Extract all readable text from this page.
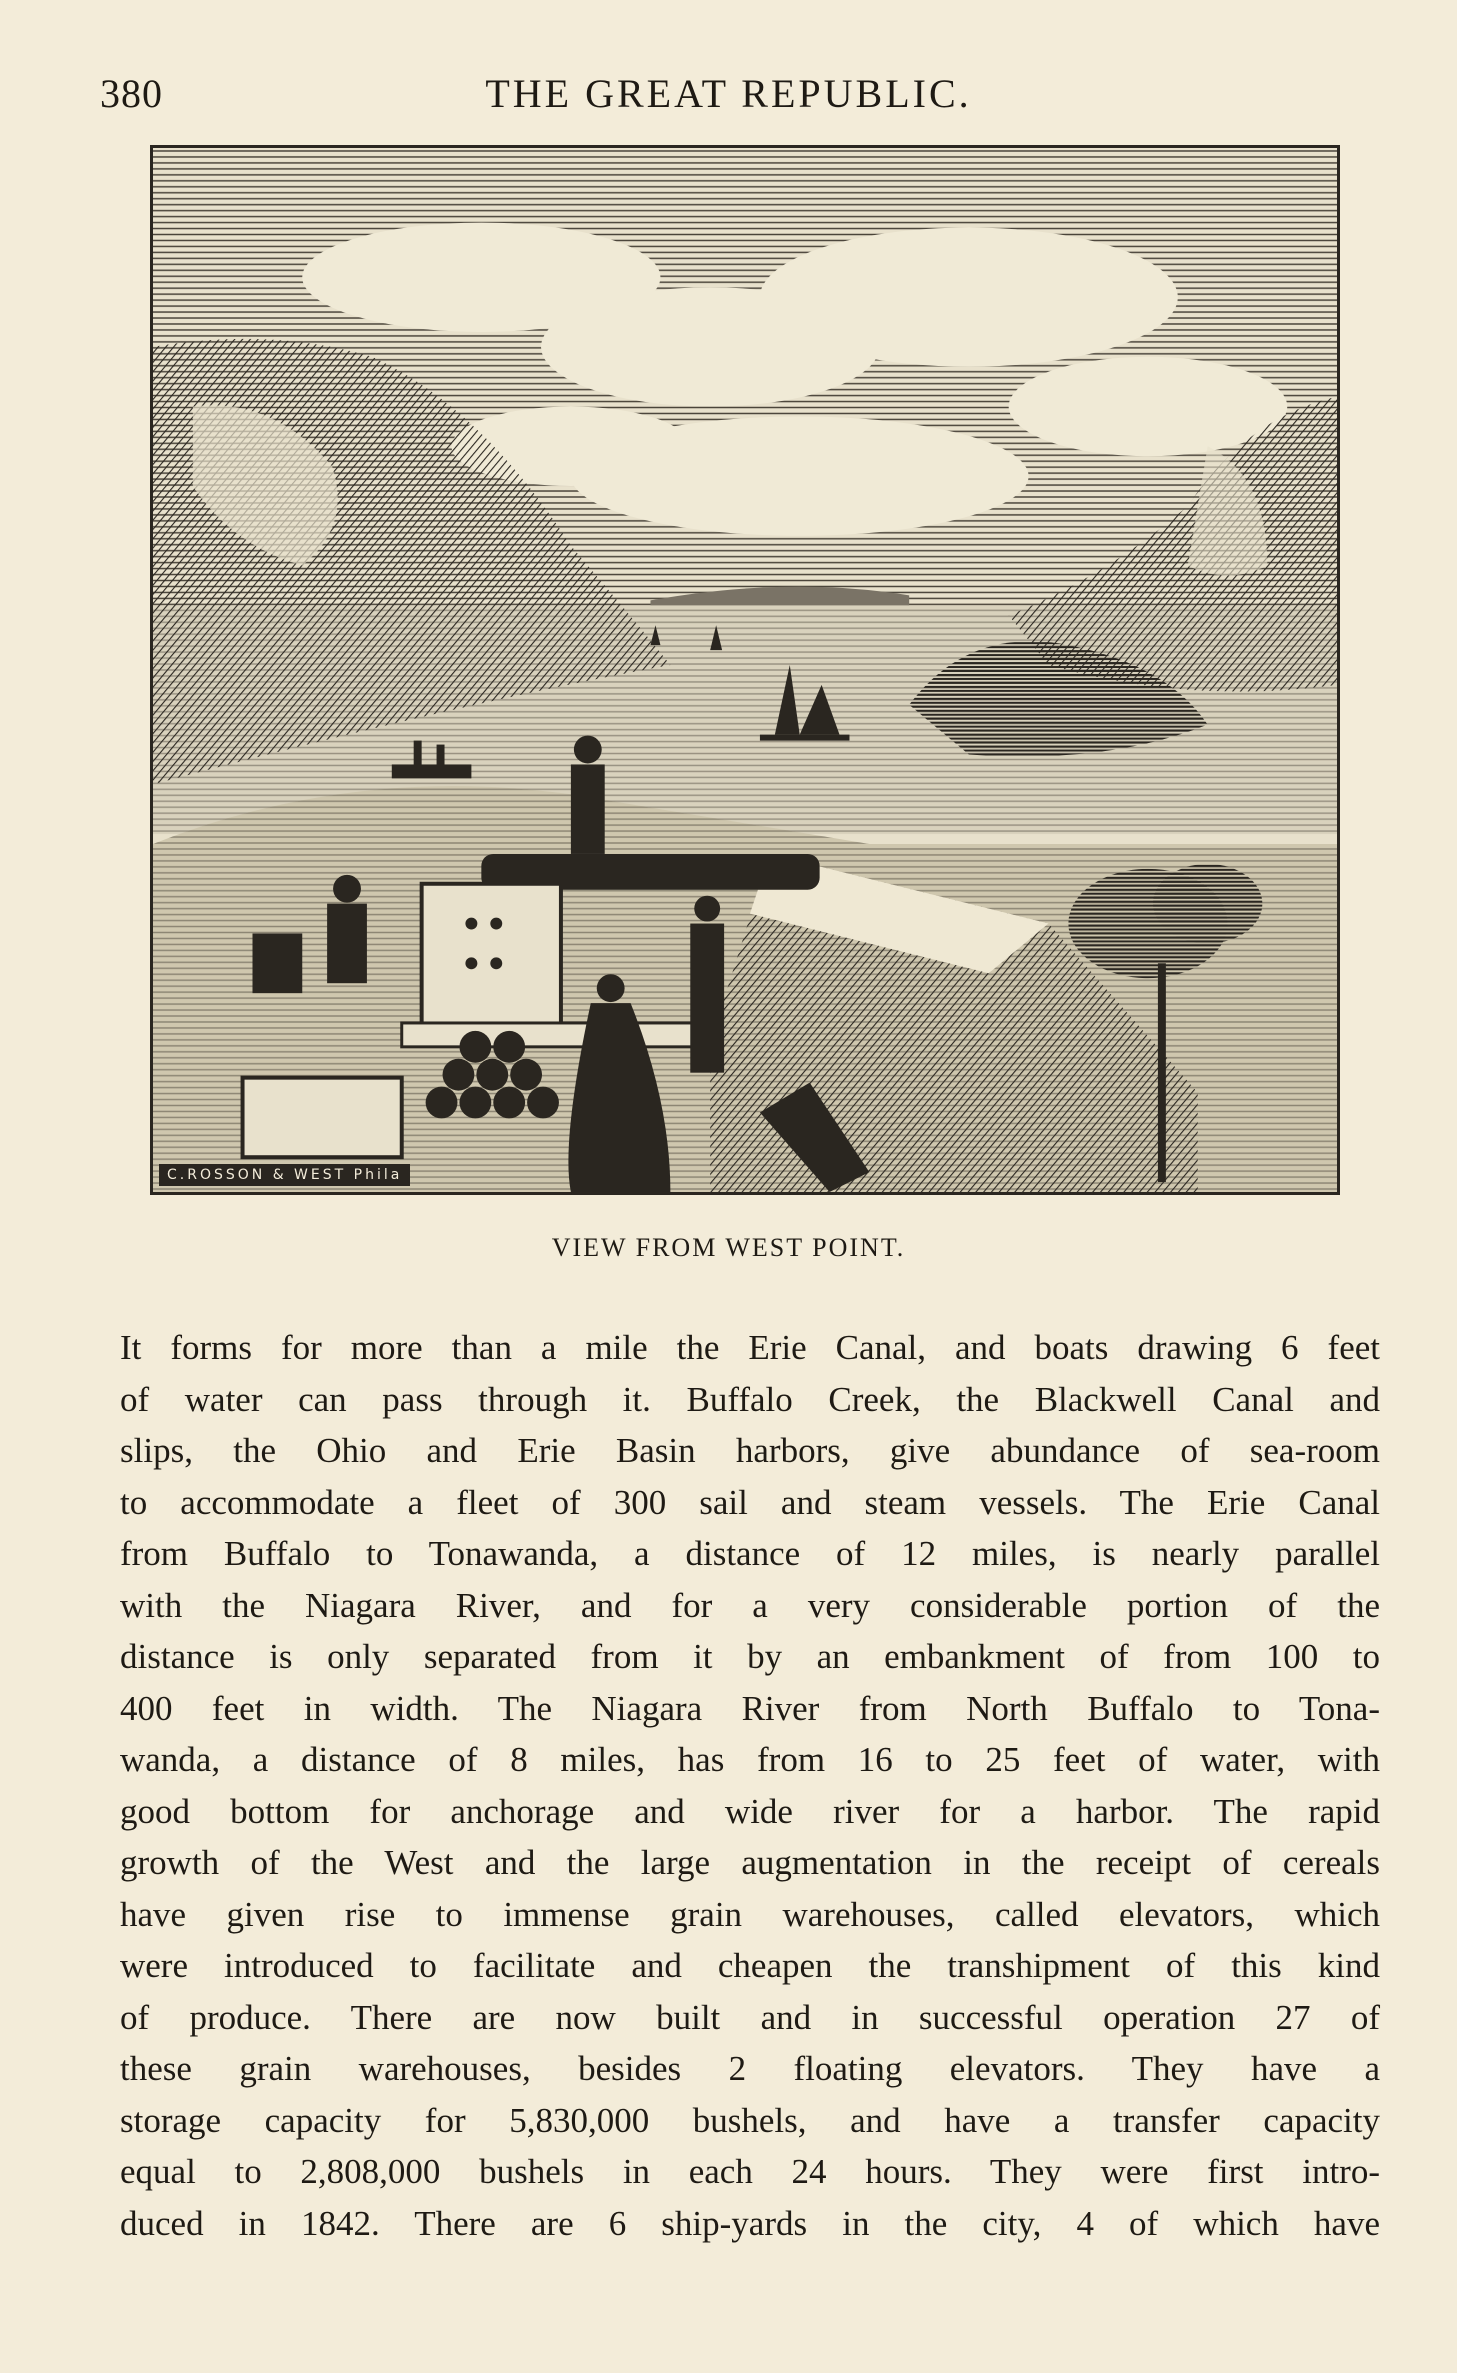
380	THE GREAT REPUBLIC.
C.ROSSON & WEST Phila
VIEW FROM WEST POINT.
It forms for more than a mile the Erie Canal, and boats drawing 6 feet
of water can pass through it. Buffalo Creek, the Blackwell Canal and
slips, the Ohio and Erie Basin harbors, give abundance of sea-room
to accommodate a fleet of 300 sail and steam vessels. The Erie Canal
from Buffalo to Tonawanda, a distance of 12 miles, is nearly parallel
with the Niagara River, and for a very considerable portion of the
distance is only separated from it by an embankment of from 100 to
400 feet in width. The Niagara River from North Buffalo to Tona-
wanda, a distance of 8 miles, has from 16 to 25 feet of water, with
good bottom for anchorage and wide river for a harbor. The rapid
growth of the West and the large augmentation in the receipt of cereals
have given rise to immense grain warehouses, called elevators, which
were introduced to facilitate and cheapen the transhipment of this kind
of produce. There are now built and in successful operation 27 of
these grain warehouses, besides 2 floating elevators. They have a
storage capacity for 5,830,000 bushels, and have a transfer capacity
equal to 2,808,000 bushels in each 24 hours. They were first intro-
duced in 1842. There are 6 ship-yards in the city, 4 of which have
